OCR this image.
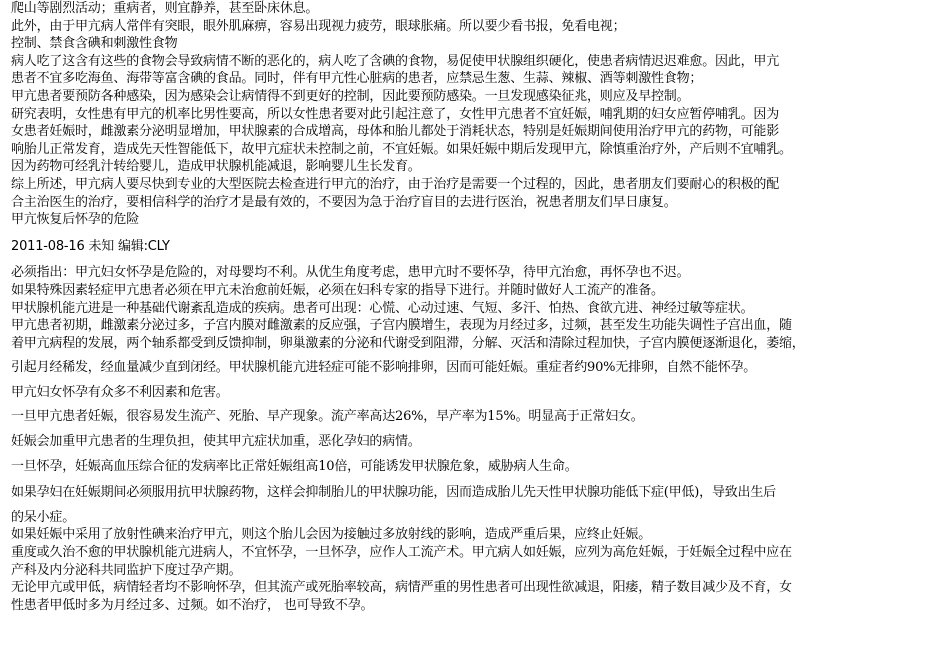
爬山等剧烈活动；重病者，则宜静养，甚至卧床休息。
此外，由于甲亢病人常伴有突眼，眼外肌麻痹，容易出现视力疲劳，眼球胀痛。所以要少看书报，免看电视；
控制、禁食含碘和刺激性食物
病人吃了这含有这些的食物会导致病情不断的恶化的，病人吃了含碘的食物，易促使甲状腺组织硬化，使患者病情迟迟难愈。因此，甲亢
患者不宜多吃海鱼、海带等富含碘的食品。同时，伴有甲亢性心脏病的患者，应禁忌生葱、生蒜、辣椒、酒等刺激性食物；
甲亢患者要预防各种感染，因为感染会让病情得不到更好的控制，因此要预防感染。一旦发现感染征兆，则应及早控制。
研究表明，女性患有甲亢的机率比男性要高，所以女性患者要对此引起注意了，女性甲亢患者不宜妊娠，哺乳期的妇女应暂停哺乳。因为
女患者妊娠时，雌激素分泌明显增加，甲状腺素的合成增高，母体和胎儿都处于消耗状态，特别是妊娠期间使用治疗甲亢的药物，可能影
响胎儿正常发育，造成先天性智能低下，故甲亢症状未控制之前，不宜妊娠。如果妊娠中期后发现甲亢，除慎重治疗外，产后则不宜哺乳。
因为药物可经乳汁转给婴儿，造成甲状腺机能减退，影响婴儿生长发育。
综上所述，甲亢病人要尽快到专业的大型医院去检查进行甲亢的治疗，由于治疗是需要一个过程的，因此，患者朋友们要耐心的积极的配
合主治医生的治疗，要相信科学的治疗才是最有效的，不要因为急于治疗盲目的去进行医治，祝患者朋友们早日康复。
甲亢恢复后怀孕的危险
2011-08-16 未知 编辑:CLY
必须指出：甲亢妇女怀孕是危险的，对母婴均不利。从优生角度考虑，患甲亢时不要怀孕，待甲亢治愈，再怀孕也不迟。
如果特殊因素轻症甲亢患者必须在甲亢未治愈前妊娠，必须在妇科专家的指导下进行。并随时做好人工流产的准备。
甲状腺机能亢进是一种基础代谢紊乱造成的疾病。患者可出现：心慌、心动过速、气短、多汗、怕热、食欲亢进、神经过敏等症状。
甲亢患者初期，雌激素分泌过多，子宫内膜对雌激素的反应强，子宫内膜增生，表现为月经过多，过频，甚至发生功能失调性子宫出血，随
着甲亢病程的发展，两个轴系都受到反馈抑制，卵巢激素的分泌和代谢受到阻滞，分解、灭活和清除过程加快，子宫内膜便逐渐退化，萎缩，
引起月经稀发，经血量减少直到闭经。甲状腺机能亢进轻症可能不影响排卵，因而可能妊娠。重症者约90%无排卵，自然不能怀孕。
甲亢妇女怀孕有众多不利因素和危害。
一旦甲亢患者妊娠，很容易发生流产、死胎、早产现象。流产率高达26%，早产率为15%。明显高于正常妇女。
妊娠会加重甲亢患者的生理负担，使其甲亢症状加重，恶化孕妇的病情。
一旦怀孕，妊娠高血压综合征的发病率比正常妊娠组高10倍，可能诱发甲状腺危象，威胁病人生命。
如果孕妇在妊娠期间必须服用抗甲状腺药物，这样会抑制胎儿的甲状腺功能，因而造成胎儿先天性甲状腺功能低下症(甲低)，导致出生后
的呆小症。
如果妊娠中采用了放射性碘来治疗甲亢，则这个胎儿会因为接触过多放射线的影响，造成严重后果，应终止妊娠。
重度或久治不愈的甲状腺机能亢进病人，不宜怀孕，一旦怀孕，应作人工流产术。甲亢病人如妊娠，应列为高危妊娠，于妊娠全过程中应在
产科及内分泌科共同监护下度过孕产期。
无论甲亢或甲低，病情轻者均不影响怀孕，但其流产或死胎率较高，病情严重的男性患者可出现性欲减退，阳痿，精子数目减少及不育，女
性患者甲低时多为月经过多、过频。如不治疗， 也可导致不孕。
